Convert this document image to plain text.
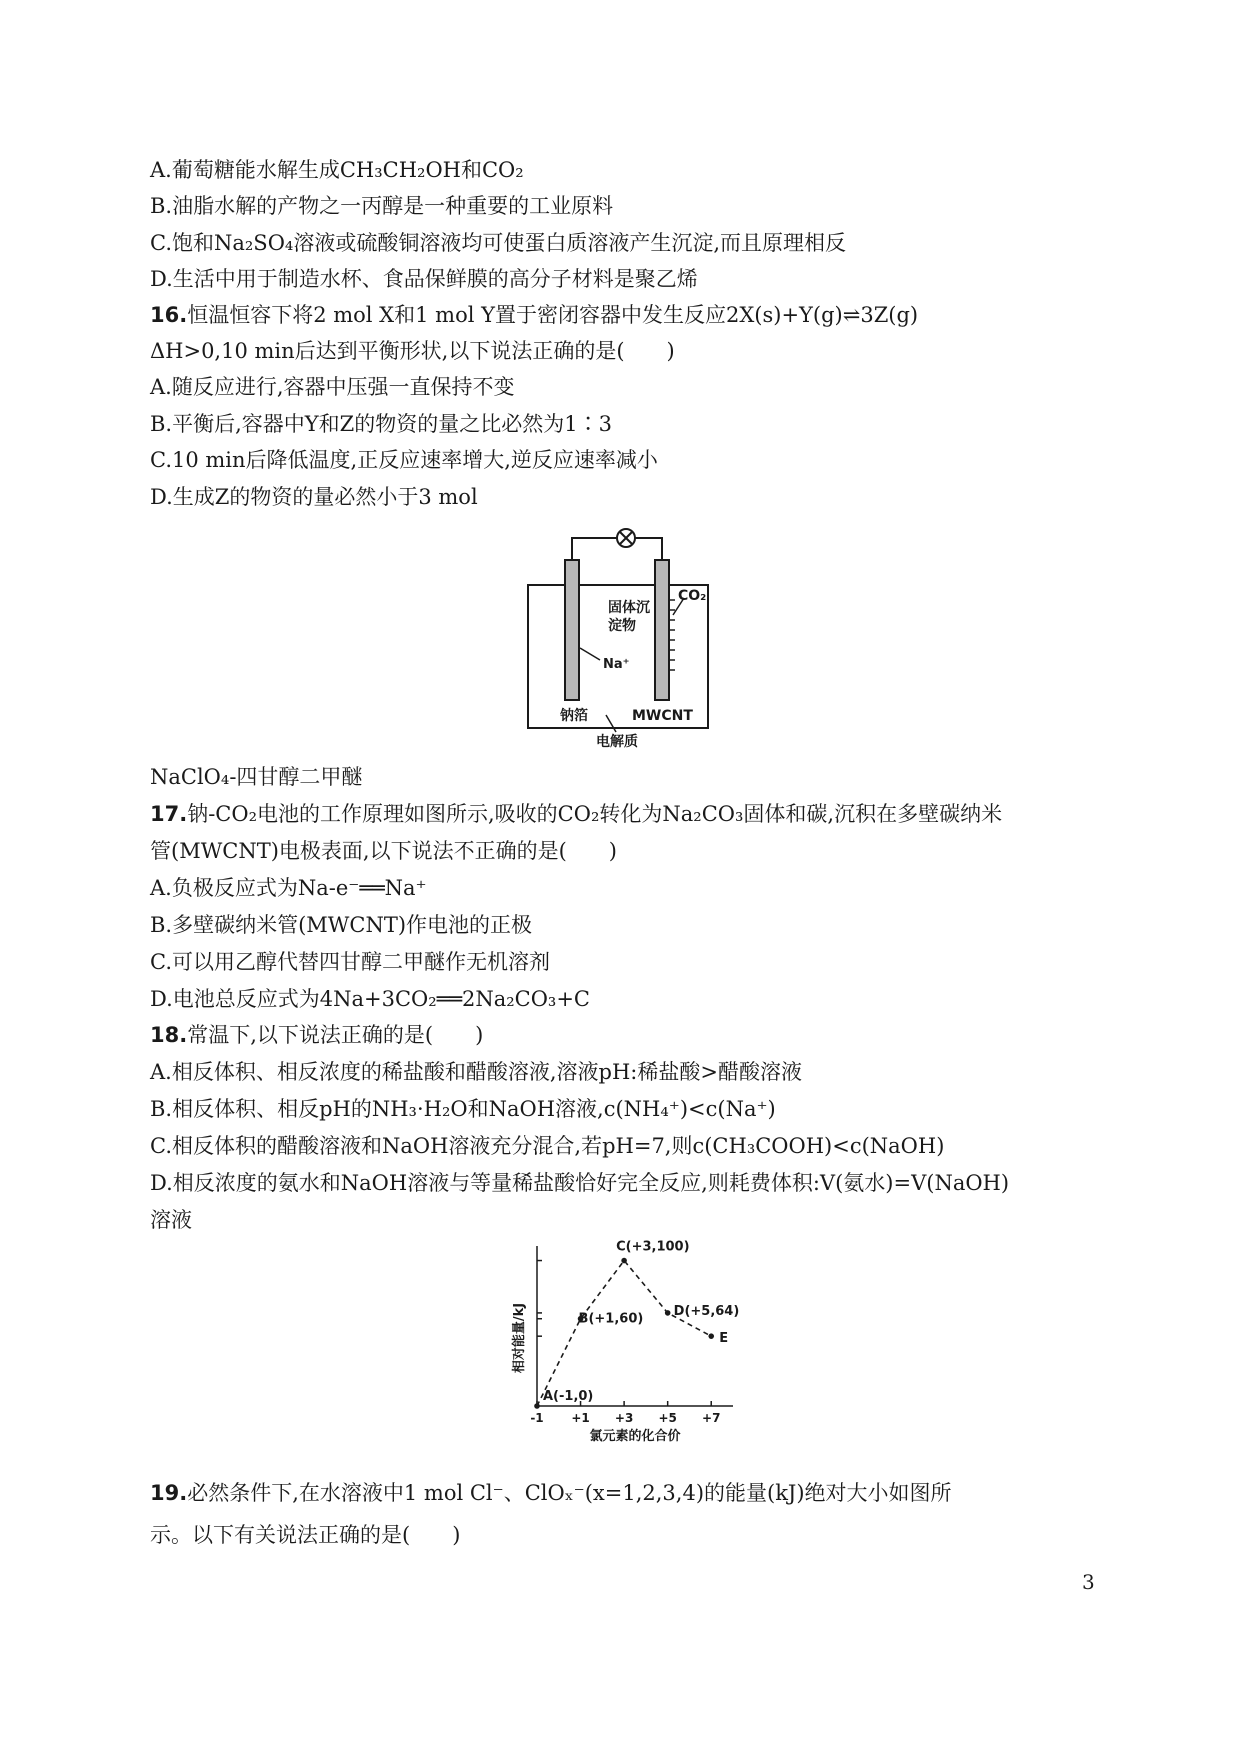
A.葡萄糖能水解生成CH₃CH₂OH和CO₂
B.油脂水解的产物之一丙醇是一种重要的工业原料
C.饱和Na₂SO₄溶液或硫酸铜溶液均可使蛋白质溶液产生沉淀,而且原理相反
D.生活中用于制造水杯、食品保鲜膜的高分子材料是聚乙烯
16.恒温恒容下将2 mol X和1 mol Y置于密闭容器中发生反应2X(s)+Y(g)⇌3Z(g)
ΔH>0,10 min后达到平衡形状,以下说法正确的是(　　)
A.随反应进行,容器中压强一直保持不变
B.平衡后,容器中Y和Z的物资的量之比必然为1∶3
C.10 min后降低温度,正反应速率增大,逆反应速率减小
D.生成Z的物资的量必然小于3 mol
固体沉
淀物
CO₂
Na⁺
钠箔	MWCNT
电解质
NaClO₄-四甘醇二甲醚
17.钠-CO₂电池的工作原理如图所示,吸收的CO₂转化为Na₂CO₃固体和碳,沉积在多壁碳纳米
管(MWCNT)电极表面,以下说法不正确的是(　　)
A.负极反应式为Na-e⁻══Na⁺
B.多壁碳纳米管(MWCNT)作电池的正极
C.可以用乙醇代替四甘醇二甲醚作无机溶剂
D.电池总反应式为4Na+3CO₂══2Na₂CO₃+C
18.常温下,以下说法正确的是(　　)
A.相反体积、相反浓度的稀盐酸和醋酸溶液,溶液pH:稀盐酸>醋酸溶液
B.相反体积、相反pH的NH₃·H₂O和NaOH溶液,c(NH₄⁺)<c(Na⁺)
C.相反体积的醋酸溶液和NaOH溶液充分混合,若pH=7,则c(CH₃COOH)<c(NaOH)
D.相反浓度的氨水和NaOH溶液与等量稀盐酸恰好完全反应,则耗费体积:V(氨水)=V(NaOH)
溶液
相对能量/kJ
-1 +1 +3 +5 +7
A(-1,0)
B(+1,60)
C(+3,100)
D(+5,64)
E
氯元素的化合价
19.必然条件下,在水溶液中1 mol Cl⁻、ClOₓ⁻(x=1,2,3,4)的能量(kJ)绝对大小如图所
示。以下有关说法正确的是(　　)
3
